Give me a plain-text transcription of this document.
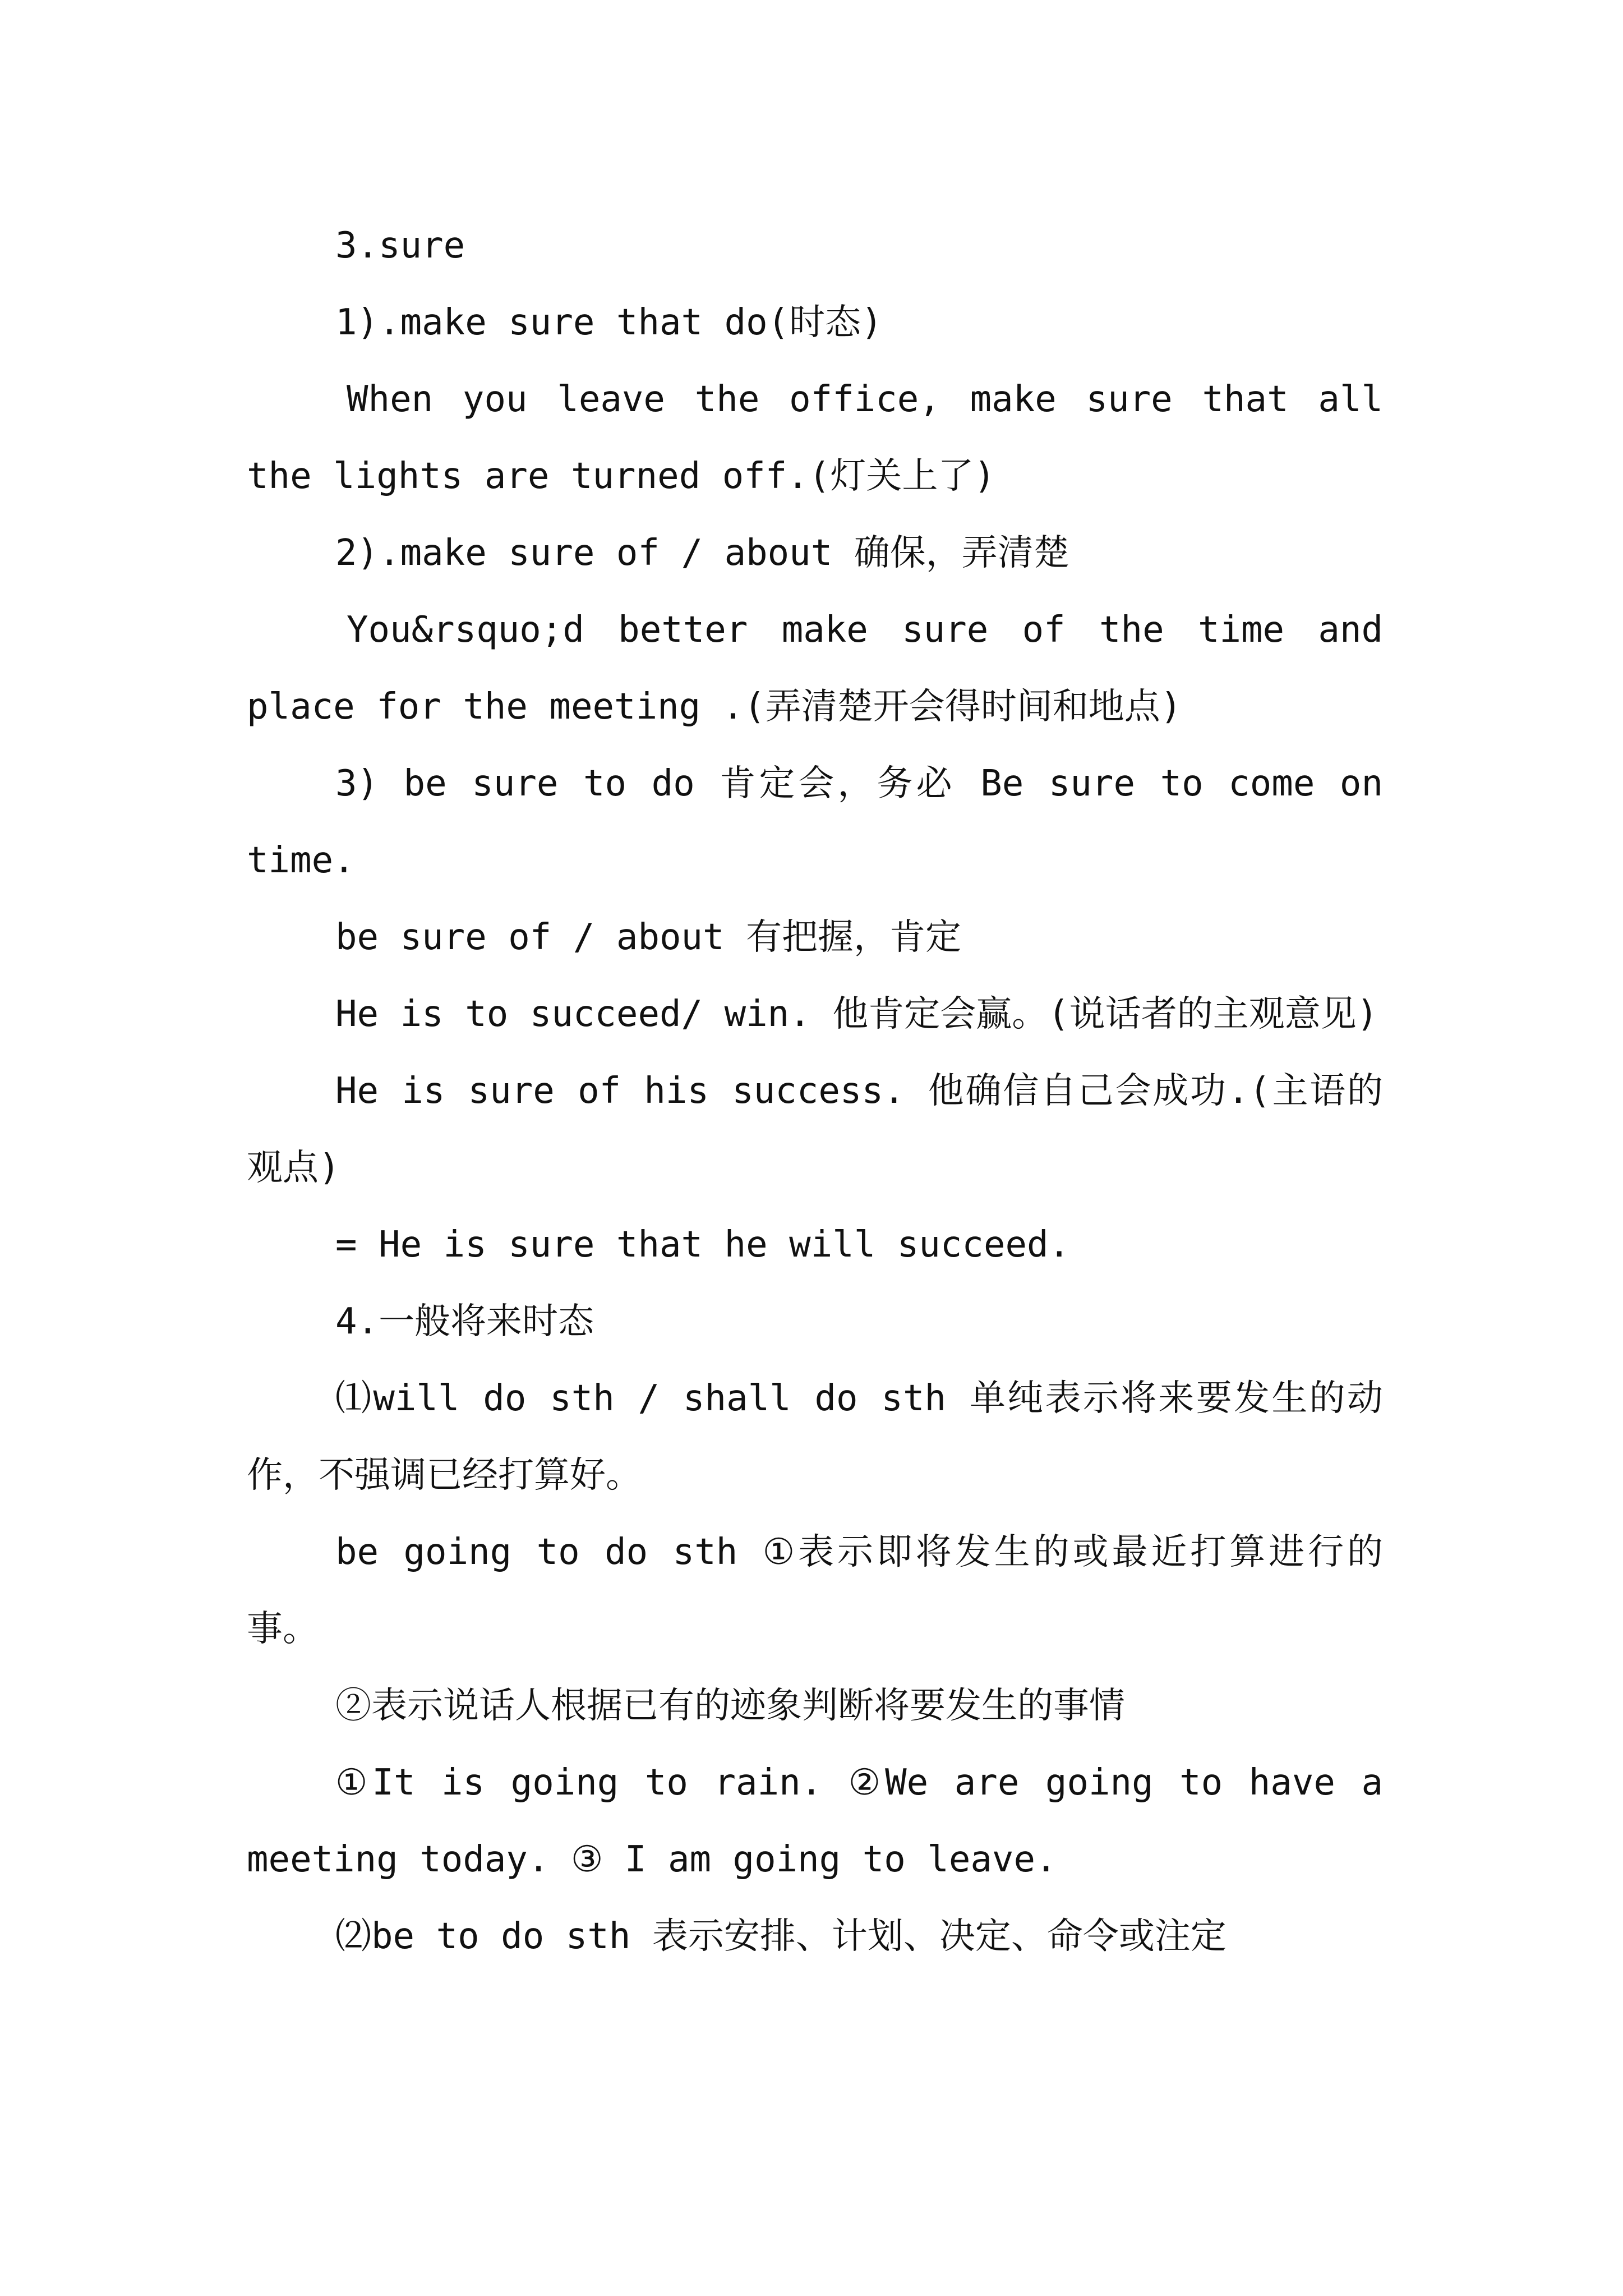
3.sure

1).make sure that do(时态)

When you leave the office, make sure that all the lights are turned off.(灯关上了)

2).make sure of / about 确保，弄清楚

You&rsquo;d better make sure of the time and place for the meeting .(弄清楚开会得时间和地点)

3) be sure to do 肯定会，务必 Be sure to come on time.

be sure of / about 有把握，肯定

He is to succeed/ win. 他肯定会赢。(说话者的主观意见)

He is sure of his success. 他确信自己会成功.(主语的观点)

= He is sure that he will succeed.

4.一般将来时态

⑴will do sth / shall do sth 单纯表示将来要发生的动作，不强调已经打算好。

be going to do sth ①表示即将发生的或最近打算进行的事。

②表示说话人根据已有的迹象判断将要发生的事情

①It is going to rain. ②We are going to have a meeting today. ③ I am going to leave.

⑵be to do sth 表示安排、计划、决定、命令或注定
